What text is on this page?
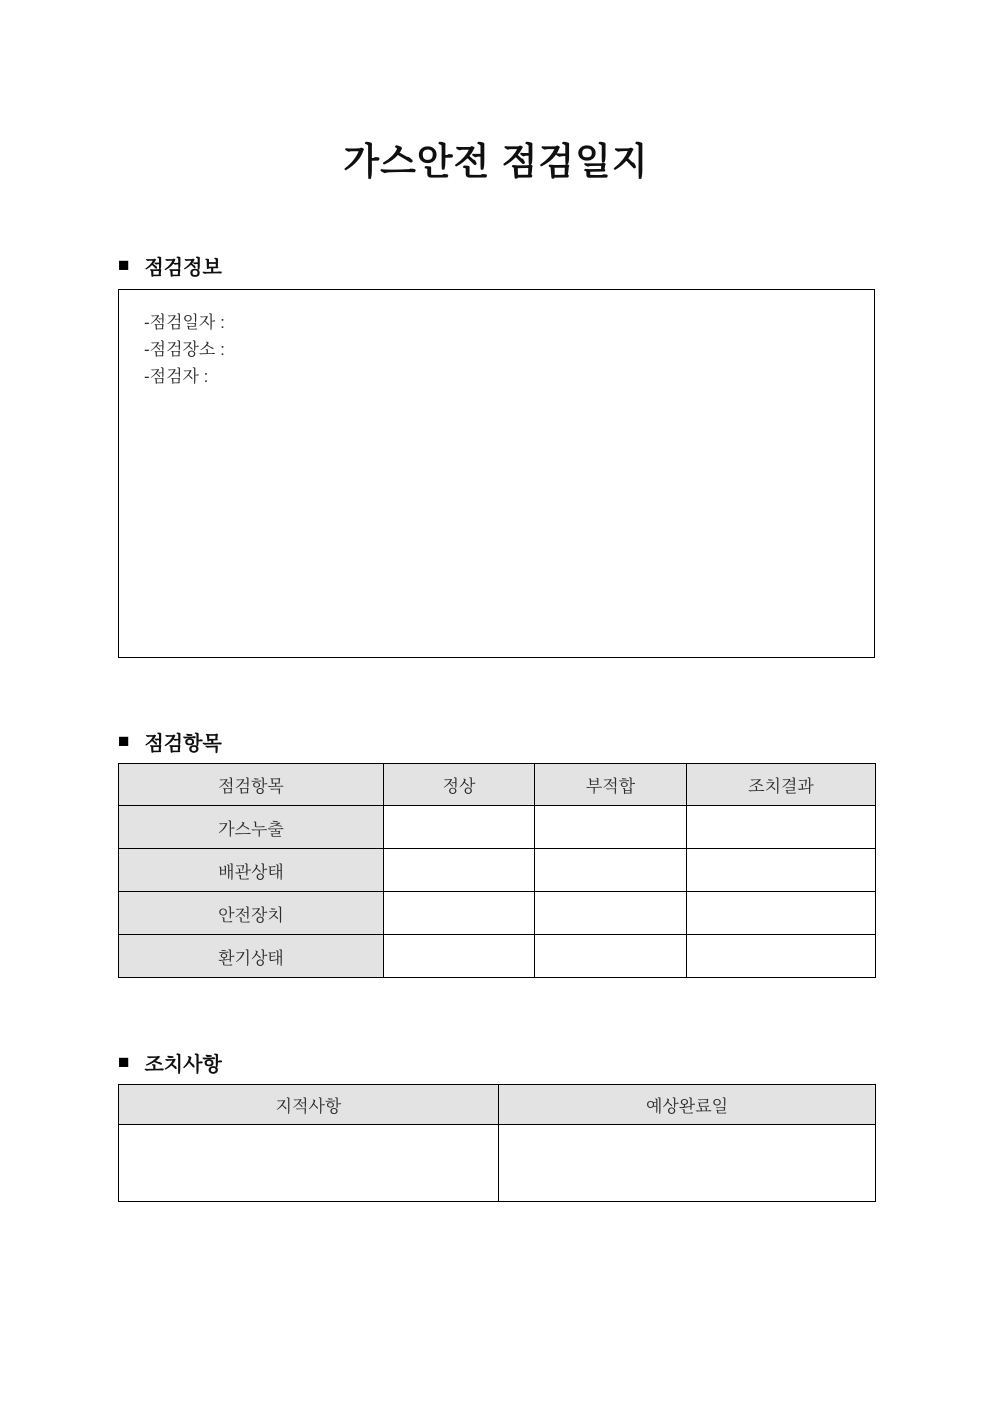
가스안전 점검일지
■ 점검정보
-점검일자 :
-점검장소 :
-점검자 :
■ 점검항목
점검항목	정상	부적합	조치결과
가스누출			
배관상태			
안전장치			
환기상태			
■ 조치사항
지적사항	예상완료일
